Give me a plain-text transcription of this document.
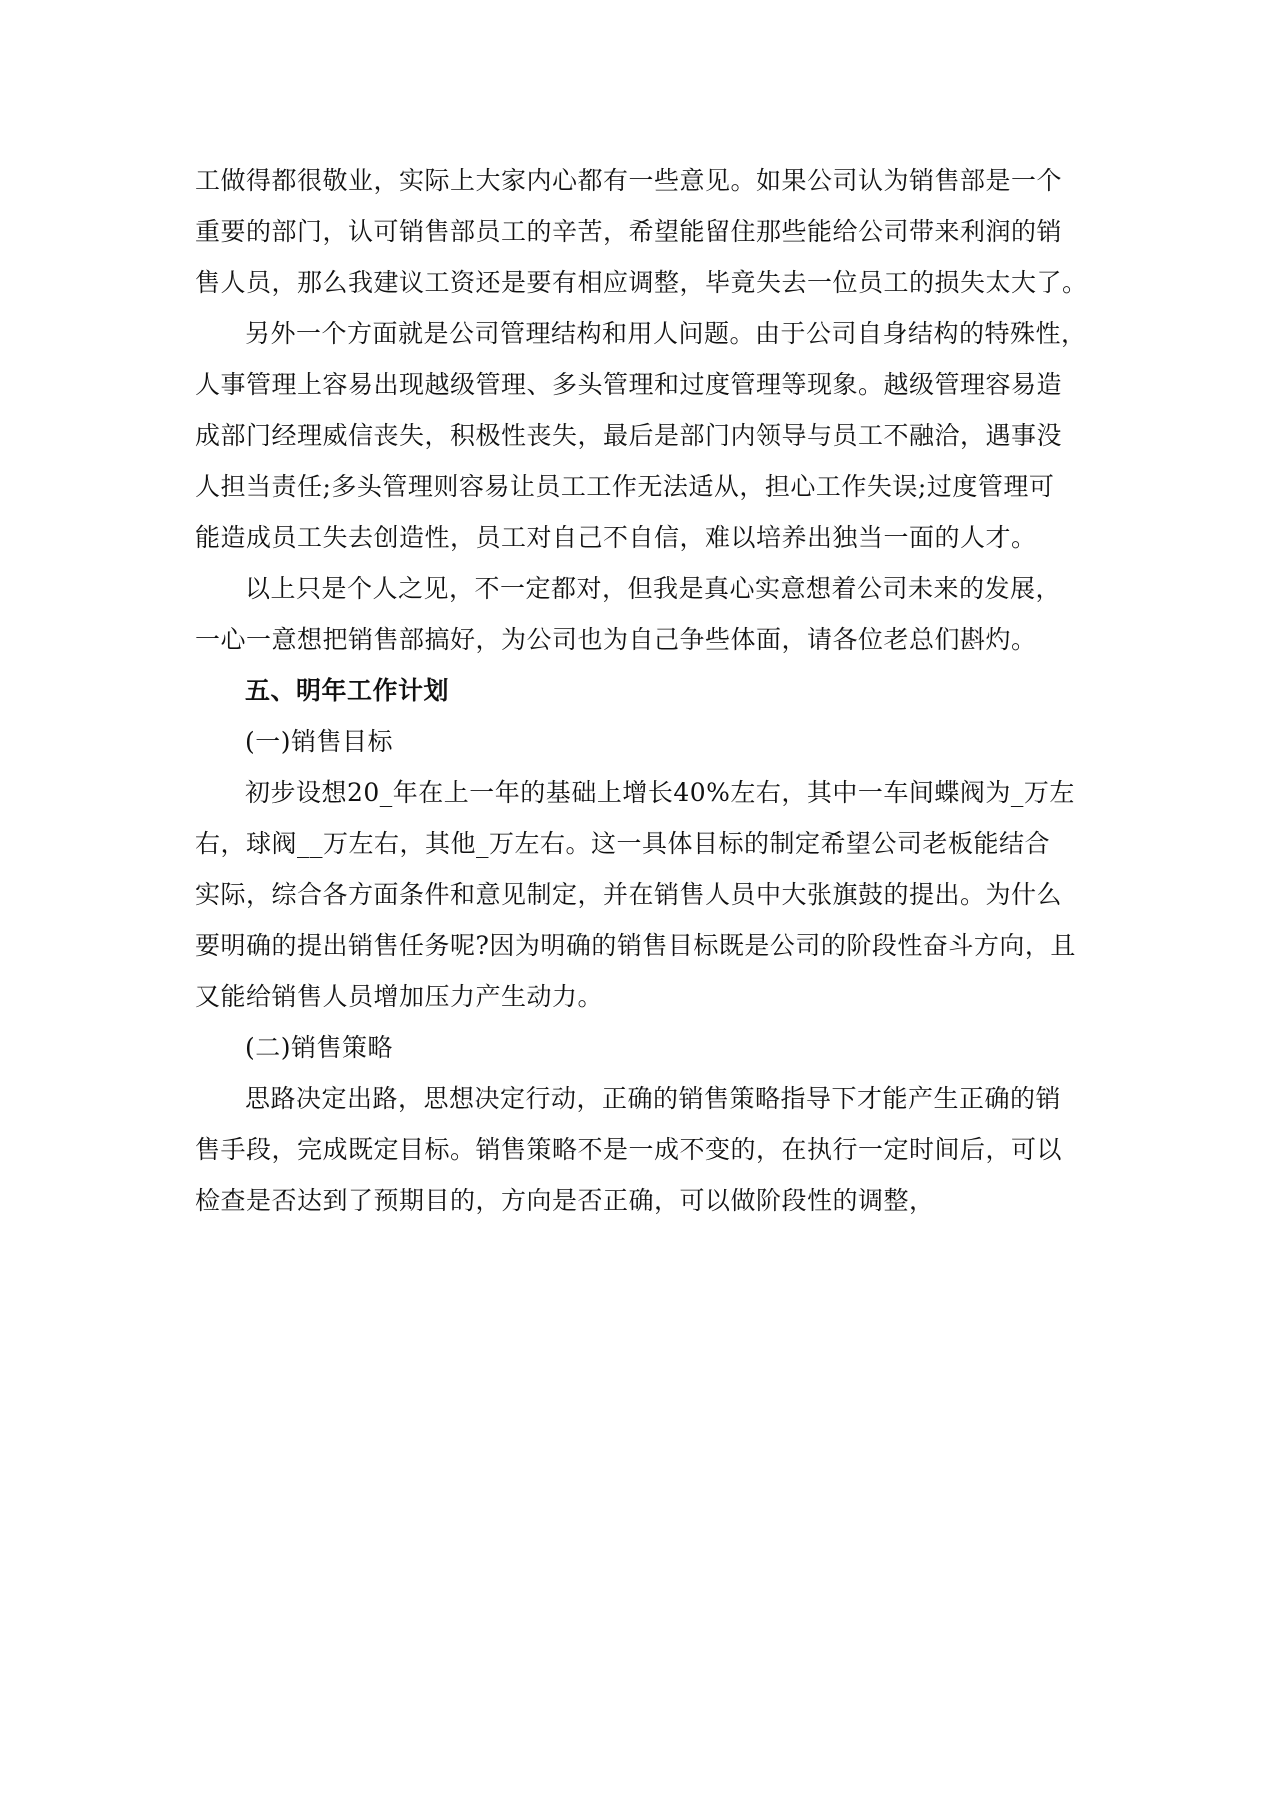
工做得都很敬业，实际上大家内心都有一些意见。如果公司认为销售部是一个
重要的部门，认可销售部员工的辛苦，希望能留住那些能给公司带来利润的销
售人员，那么我建议工资还是要有相应调整，毕竟失去一位员工的损失太大了。
另外一个方面就是公司管理结构和用人问题。由于公司自身结构的特殊性，
人事管理上容易出现越级管理、多头管理和过度管理等现象。越级管理容易造
成部门经理威信丧失，积极性丧失，最后是部门内领导与员工不融洽，遇事没
人担当责任;多头管理则容易让员工工作无法适从，担心工作失误;过度管理可
能造成员工失去创造性，员工对自己不自信，难以培养出独当一面的人才。
以上只是个人之见，不一定都对，但我是真心实意想着公司未来的发展，
一心一意想把销售部搞好，为公司也为自己争些体面，请各位老总们斟灼。
五、明年工作计划
(一)销售目标
初步设想20_年在上一年的基础上增长40%左右，其中一车间蝶阀为_万左
右，球阀__万左右，其他_万左右。这一具体目标的制定希望公司老板能结合
实际，综合各方面条件和意见制定，并在销售人员中大张旗鼓的提出。为什么
要明确的提出销售任务呢?因为明确的销售目标既是公司的阶段性奋斗方向，且
又能给销售人员增加压力产生动力。
(二)销售策略
思路决定出路，思想决定行动，正确的销售策略指导下才能产生正确的销
售手段，完成既定目标。销售策略不是一成不变的，在执行一定时间后，可以
检查是否达到了预期目的，方向是否正确，可以做阶段性的调整，
